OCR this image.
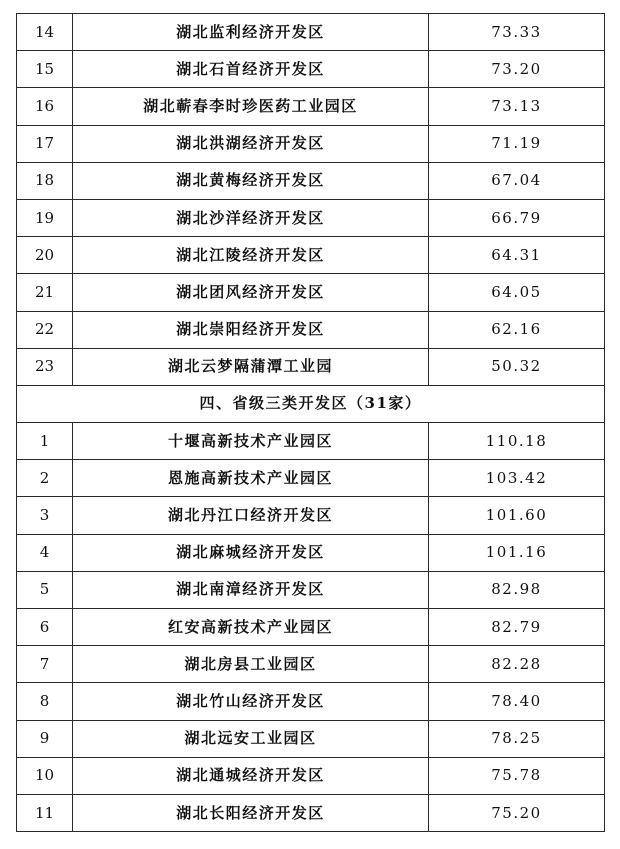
14	湖北监利经济开发区	73.33
15	湖北石首经济开发区	73.20
16	湖北蕲春李时珍医药工业园区	73.13
17	湖北洪湖经济开发区	71.19
18	湖北黄梅经济开发区	67.04
19	湖北沙洋经济开发区	66.79
20	湖北江陵经济开发区	64.31
21	湖北团风经济开发区	64.05
22	湖北崇阳经济开发区	62.16
23	湖北云梦隔蒲潭工业园	50.32
四、省级三类开发区（31家）		
1	十堰高新技术产业园区	110.18
2	恩施高新技术产业园区	103.42
3	湖北丹江口经济开发区	101.60
4	湖北麻城经济开发区	101.16
5	湖北南漳经济开发区	82.98
6	红安高新技术产业园区	82.79
7	湖北房县工业园区	82.28
8	湖北竹山经济开发区	78.40
9	湖北远安工业园区	78.25
10	湖北通城经济开发区	75.78
11	湖北长阳经济开发区	75.20
